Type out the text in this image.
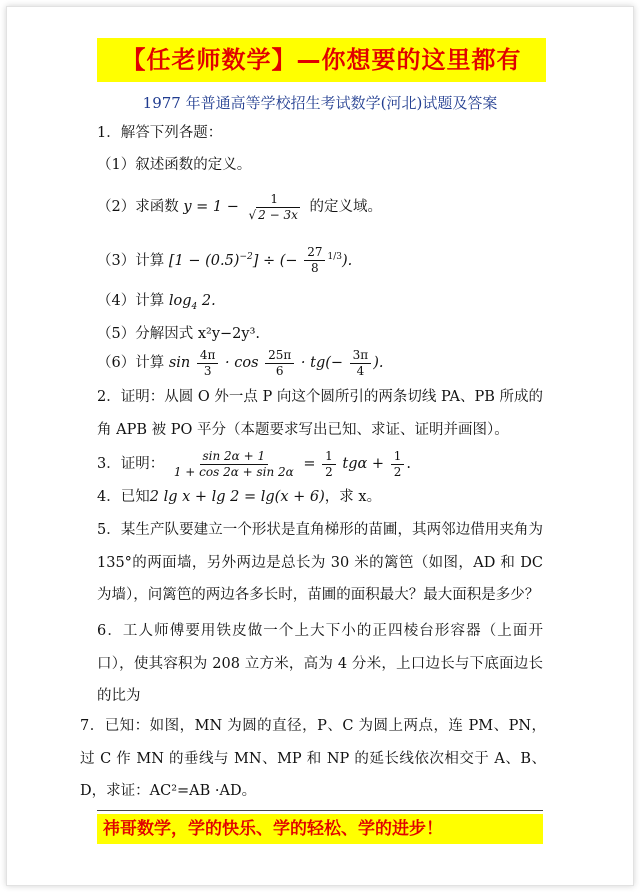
【任老师数学】—你想要的这里都有
1977 年普通高等学校招生考试数学(河北)试题及答案
1．解答下列各题：
（1）叙述函数的定义。
（2）求函数 $y = 1 - \frac{1}{√ 2 - 3x}$ 的定义域。
（3）计算 $[1 - (0.5)^{-2}]$ ÷ (− $\frac{27}{8} ^{1/3}$).
（4）计算 $\log_4 2$.
（5）分解因式 x²y−2y³.
（6）计算 $\sin \frac{4\pi}{3} \cdot \cos \frac{25\pi}{6} \cdot tg(- \frac{3\pi}{4}$ ).
2．证明：从圆 O 外一点 P 向这个圆所引的两条切线 PA、PB 所成的角 APB 被 PO 平分（本题要求写出已知、求证、证明并画图）。
3．证明： $\frac{\sin 2\alpha + 1}{1 + \cos 2\alpha + \sin 2\alpha} = \frac{1}{2}$ $tg\alpha + \frac{1}{2}$ .
4．已知2 lg x + lg 2 = lg(x + 6)，求 x。
5．某生产队要建立一个形状是直角梯形的苗圃，其两邻边借用夹角为 135°的两面墙，另外两边是总长为 30 米的篱笆（如图，AD 和 DC 为墙），问篱笆的两边各多长时，苗圃的面积最大？最大面积是多少？
6．工人师傅要用铁皮做一个上大下小的正四棱台形容器（上面开口），使其容积为 208 立方米，高为 4 分米，上口边长与下底面边长的比为
7．已知：如图，MN 为圆的直径，P、C 为圆上两点，连 PM、PN，过 C 作 MN 的垂线与 MN、MP 和 NP 的延长线依次相交于 A、B、D，求证：AC²=AB ·AD。
祎哥数学，学的快乐、学的轻松、学的进步！
